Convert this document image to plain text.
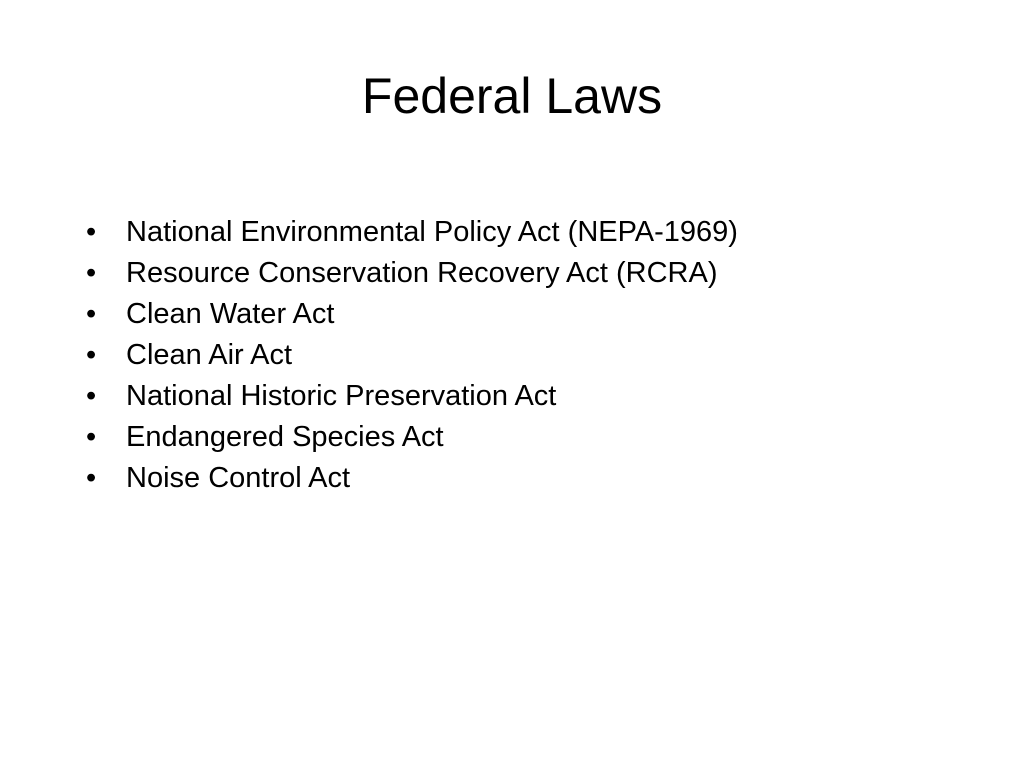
Federal Laws
•	National Environmental Policy Act (NEPA-1969)
•	Resource Conservation Recovery Act (RCRA)
•	Clean Water Act
•	Clean Air Act
•	National Historic Preservation Act
•	Endangered Species Act
•	Noise Control Act
